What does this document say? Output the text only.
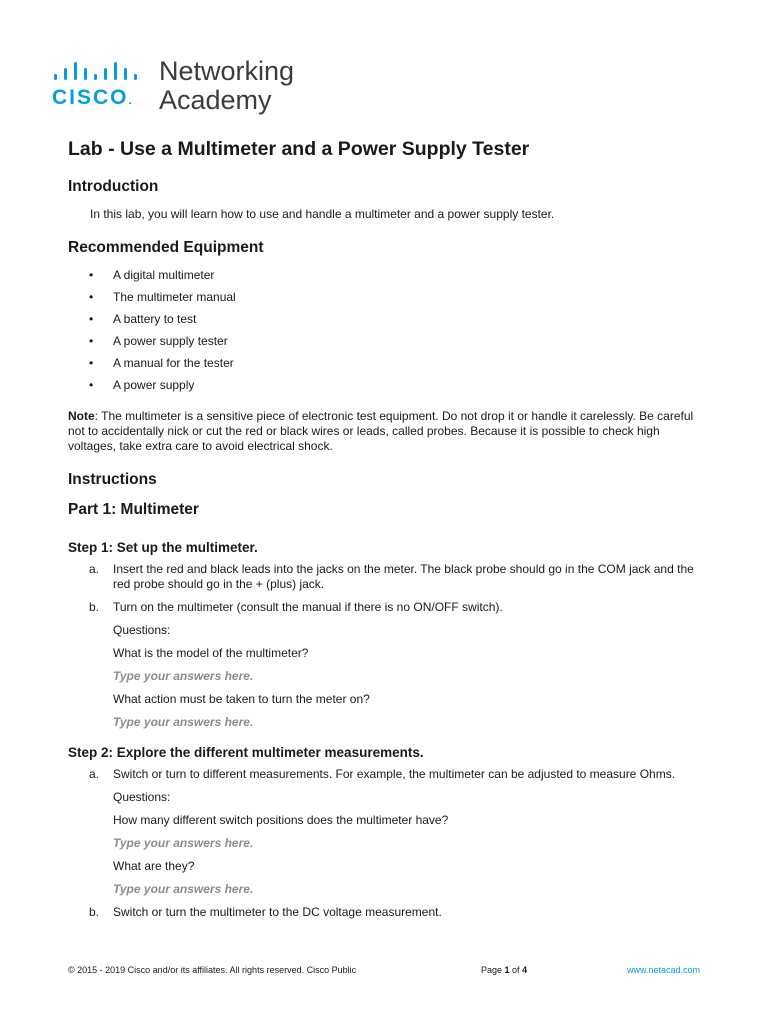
CISCO.
Networking
Academy
Lab - Use a Multimeter and a Power Supply Tester
Introduction

In this lab, you will learn how to use and handle a multimeter and a power supply tester.

Recommended Equipment
• A digital multimeter
• The multimeter manual
• A battery to test
• A power supply tester
• A manual for the tester
• A power supply

Note: The multimeter is a sensitive piece of electronic test equipment. Do not drop it or handle it carelessly. Be careful not to accidentally nick or cut the red or black wires or leads, called probes. Because it is possible to check high voltages, take extra care to avoid electrical shock.

Instructions
Part 1: Multimeter
Step 1: Set up the multimeter.
a. Insert the red and black leads into the jacks on the meter. The black probe should go in the COM jack and the red probe should go in the + (plus) jack.

b. Turn on the multimeter (consult the manual if there is no ON/OFF switch).

Questions:

What is the model of the multimeter?

Type your answers here.

What action must be taken to turn the meter on?

Type your answers here.

Step 2: Explore the different multimeter measurements.
a. Switch or turn to different measurements. For example, the multimeter can be adjusted to measure Ohms.

Questions:

How many different switch positions does the multimeter have?

Type your answers here.

What are they?

Type your answers here.

b. Switch or turn the multimeter to the DC voltage measurement.

© 2015 - 2019 Cisco and/or its affiliates. All rights reserved. Cisco Public	Page 1 of 4	www.netacad.com
